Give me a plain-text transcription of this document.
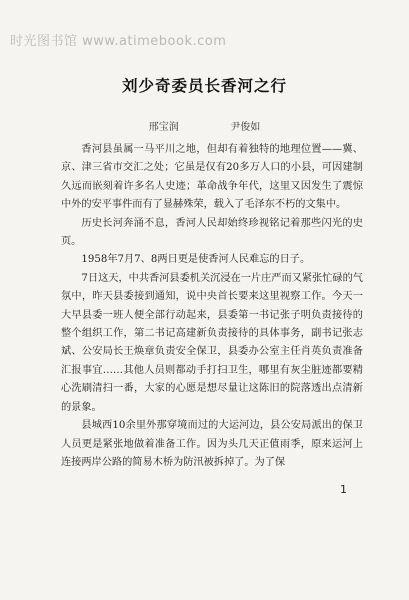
时光图书馆 www.atimebook.com
刘少奇委员长香河之行
邢宝润   尹俊如

香河县虽属一马平川之地，但却有着独特的地理位置——冀、京、津三省市交汇之处；它虽是仅有20多万人口的小县，可因建制久远而嵌刻着许多名人史迹；革命战争年代，这里又因发生了震惊中外的安平事件而有了显赫殊荣，载入了毛泽东不朽的文集中。

历史长河奔涌不息，香河人民却始终珍视铭记着那些闪光的史页。

1958年7月7、8两日更是使香河人民难忘的日子。

7日这天，中共香河县委机关沉浸在一片庄严而又紧张忙碌的气氛中，昨天县委接到通知，说中央首长要来这里视察工作。今天一大早县委一班人便全部行动起来，县委第一书记张子明负责接待的整个组织工作，第二书记高建新负责接待的具体事务，副书记张志斌、公安局长王焕章负责安全保卫，县委办公室主任肖英负责准备汇报事宜……其他人员则都动手打扫卫生，哪里有灰尘脏迹都要精心洗刷清扫一番，大家的心愿是想尽量让这陈旧的院落透出点清新的景象。

县城西10余里外那穿境而过的大运河边，县公安局派出的保卫人员更是紧张地做着准备工作。因为头几天正值雨季，原来运河上连接两岸公路的简易木桥为防汛被拆掉了。为了保

1
